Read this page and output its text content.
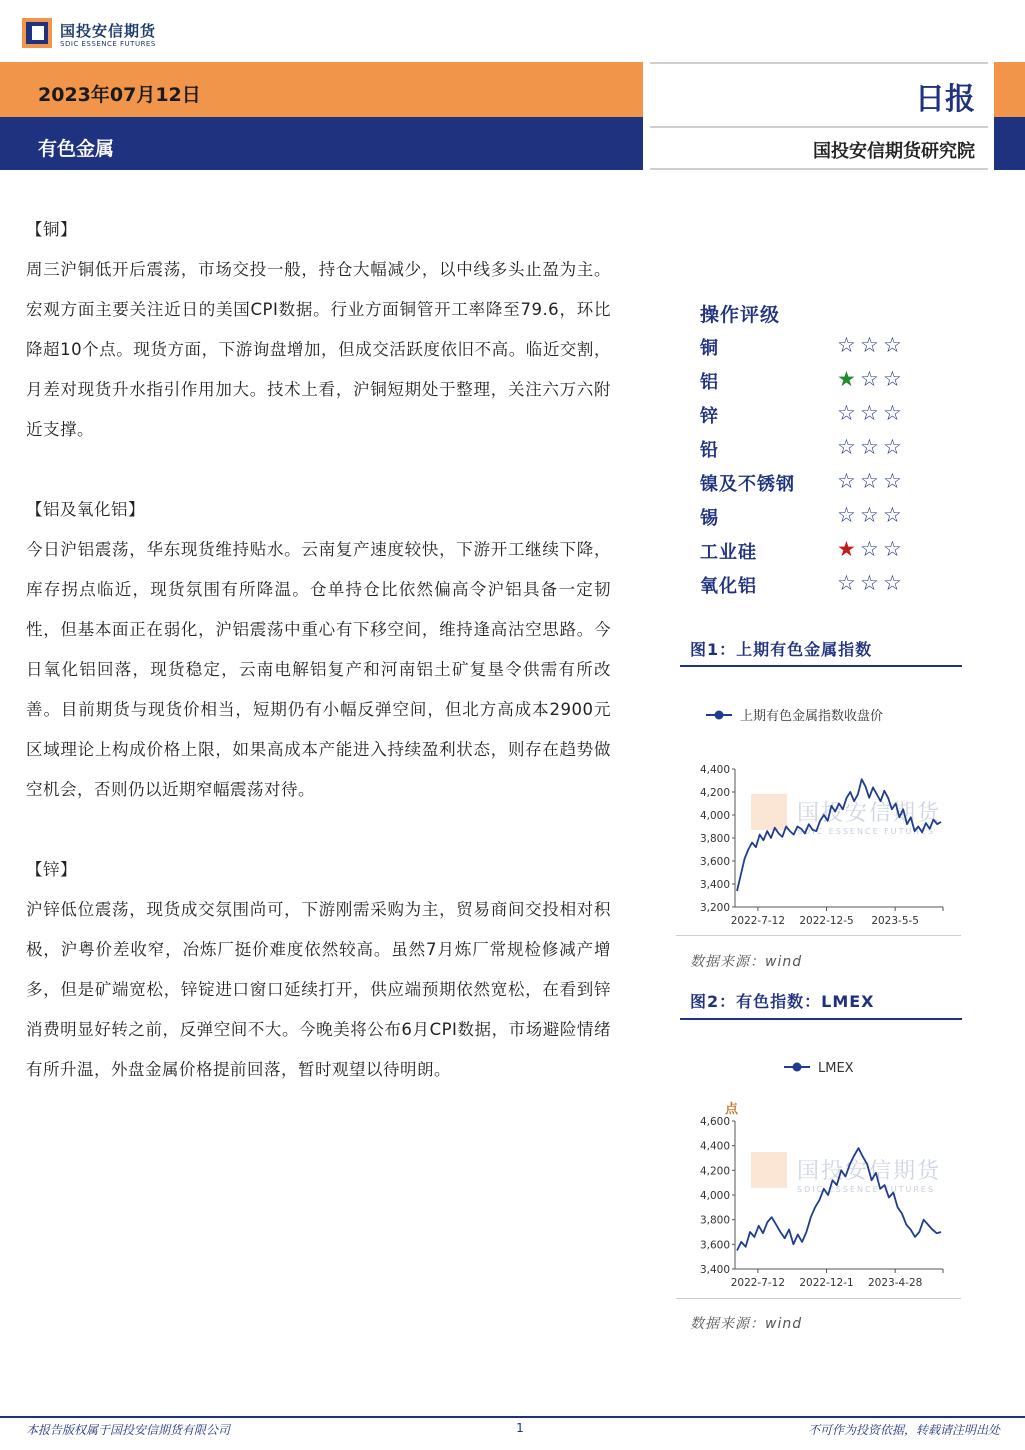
国投安信期货
SDIC ESSENCE FUTURES
2023年07月12日
有色金属
日报
国投安信期货研究院

【铜】

周三沪铜低开后震荡，市场交投一般，持仓大幅减少，以中线多头止盈为主。宏观方面主要关注近日的美国CPI数据。行业方面铜管开工率降至79.6，环比降超10个点。现货方面，下游询盘增加，但成交活跃度依旧不高。临近交割，月差对现货升水指引作用加大。技术上看，沪铜短期处于整理，关注六万六附近支撑。

【铝及氧化铝】

今日沪铝震荡，华东现货维持贴水。云南复产速度较快，下游开工继续下降，库存拐点临近，现货氛围有所降温。仓单持仓比依然偏高令沪铝具备一定韧性，但基本面正在弱化，沪铝震荡中重心有下移空间，维持逢高沽空思路。今日氧化铝回落，现货稳定，云南电解铝复产和河南铝土矿复垦令供需有所改善。目前期货与现货价相当，短期仍有小幅反弹空间，但北方高成本2900元区域理论上构成价格上限，如果高成本产能进入持续盈利状态，则存在趋势做空机会，否则仍以近期窄幅震荡对待。

【锌】

沪锌低位震荡，现货成交氛围尚可，下游刚需采购为主，贸易商间交投相对积极，沪粤价差收窄，冶炼厂挺价难度依然较高。虽然7月炼厂常规检修减产增多，但是矿端宽松，锌锭进口窗口延续打开，供应端预期依然宽松，在看到锌消费明显好转之前，反弹空间不大。今晚美将公布6月CPI数据，市场避险情绪有所升温，外盘金属价格提前回落，暂时观望以待明朗。

操作评级
铜	☆ ☆ ☆
铝	★ ☆ ☆
锌	☆ ☆ ☆
铅	☆ ☆ ☆
镍及不锈钢 ☆ ☆ ☆
锡	☆ ☆ ☆
工业硅	★ ☆ ☆
氧化铝	☆ ☆ ☆
图1：上期有色金属指数
国投安信期货
SDIC ESSENCE FUTURES
上期有色金属指数收盘价
3,200
3,400
3,600
3,800
4,000
4,200
4,400
2022-7-12 2022-12-5 2023-5-5
数据来源：wind
图2：有色指数：LMEX
国投安信期货
SDIC ESSENCE FUTURES
LMEX
点
3,400
3,600
3,800
4,000
4,200
4,400
4,600
2022-7-12 2022-12-1 2023-4-28
数据来源：wind
本报告版权属于国投安信期货有限公司	1	不可作为投资依据，转载请注明出处
